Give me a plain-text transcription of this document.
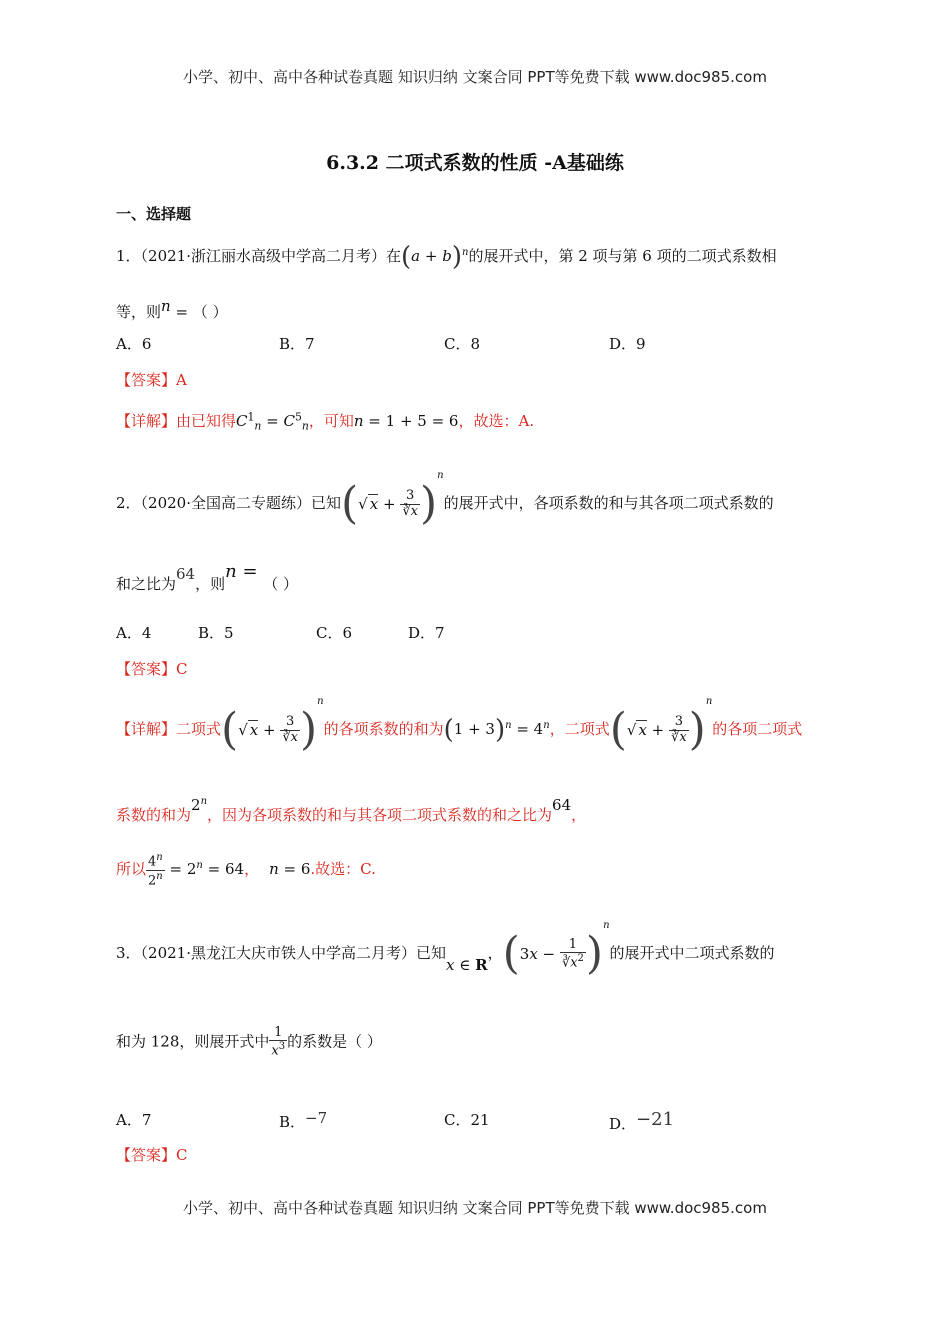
小学、初中、高中各种试卷真题 知识归纳 文案合同 PPT等免费下载 www.doc985.com
6.3.2 二项式系数的性质 -A基础练
一、选择题
1．（2021·浙江丽水高级中学高二月考）在$(a + b)^n$的展开式中，第 2 项与第 6 项的二项式系数相
等，则n = （ ）
A．6	B．7	C．8	D．9
【答案】A
【详解】由已知得$C^1_n = C^5_n$，可知n = 1 + 5 = 6，故选：A.
2．（2020·全国高二专题练）已知(√ $x + \frac{3}{∛x} )^n$的展开式中，各项系数的和与其各项二项式系数的
和之比为64，则n = （ ）
A．4	B．5	C．6	D．7
【答案】C
【详解】二项式(√ $x + \frac{3}{∛x} )^n$的各项系数的和为$(1 + 3)^n = 4^n$，二项式(√ $x + \frac{3}{∛x} )^n$的各项二项式
系数的和为2$^n$，因为各项系数的和与其各项二项式系数的和之比为64，
所以 $\frac{4^n}{2^n} = 2^n = 64$， n = 6.故选：C.
3．（2021·黑龙江大庆市铁人中学高二月考）已知x ∈ R，$(3x - \frac{1}{∛x^2} )^n$的展开式中二项式系数的
和为 128，则展开式中 $\frac{1}{x^3}$ 的系数是（ ）
A．7	B．−7	C．21	D．−21
【答案】C
小学、初中、高中各种试卷真题 知识归纳 文案合同 PPT等免费下载 www.doc985.com
